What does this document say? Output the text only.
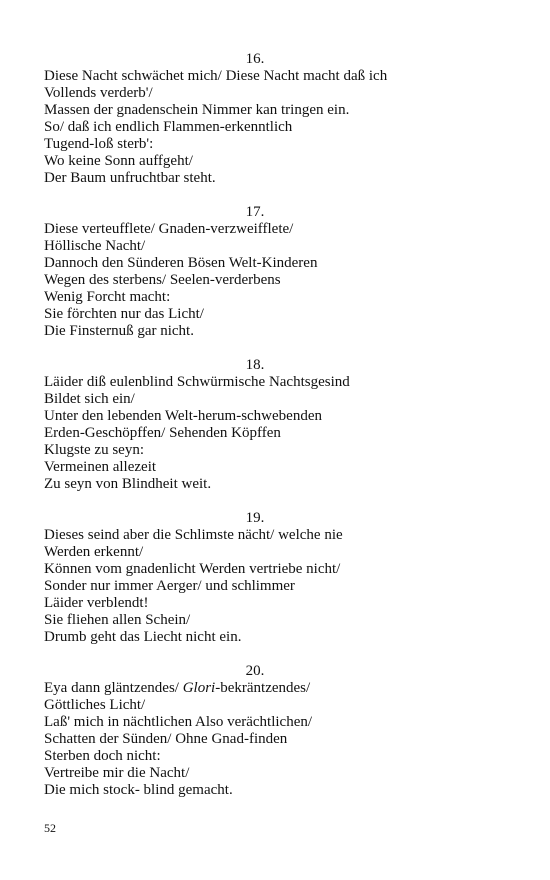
16.
Diese Nacht schwächet mich/ Diese Nacht macht daß ich
Vollends verderb'/
Massen der gnadenschein Nimmer kan tringen ein.
So/ daß ich endlich Flammen-erkenntlich
Tugend-loß sterb':
Wo keine Sonn auffgeht/
Der Baum unfruchtbar steht.
17.
Diese verteufflete/ Gnaden-verzweifflete/
Höllische Nacht/
Dannoch den Sünderen Bösen Welt-Kinderen
Wegen des sterbens/ Seelen-verderbens
Wenig Forcht macht:
Sie förchten nur das Licht/
Die Finsternuß gar nicht.
18.
Läider diß eulenblind Schwürmische Nachtsgesind
Bildet sich ein/
Unter den lebenden Welt-herum-schwebenden
Erden-Geschöpffen/ Sehenden Köpffen
Klugste zu seyn:
Vermeinen allezeit
Zu seyn von Blindheit weit.
19.
Dieses seind aber die Schlimste nächt/ welche nie
Werden erkennt/
Können vom gnadenlicht Werden vertriebe nicht/
Sonder nur immer Aerger/ und schlimmer
Läider verblendt!
Sie fliehen allen Schein/
Drumb geht das Liecht nicht ein.
20.
Eya dann gläntzendes/ Glori-bekräntzendes/
Göttliches Licht/
Laß' mich in nächtlichen Also verächtlichen/
Schatten der Sünden/ Ohne Gnad-finden
Sterben doch nicht:
Vertreibe mir die Nacht/
Die mich stock- blind gemacht.
52
